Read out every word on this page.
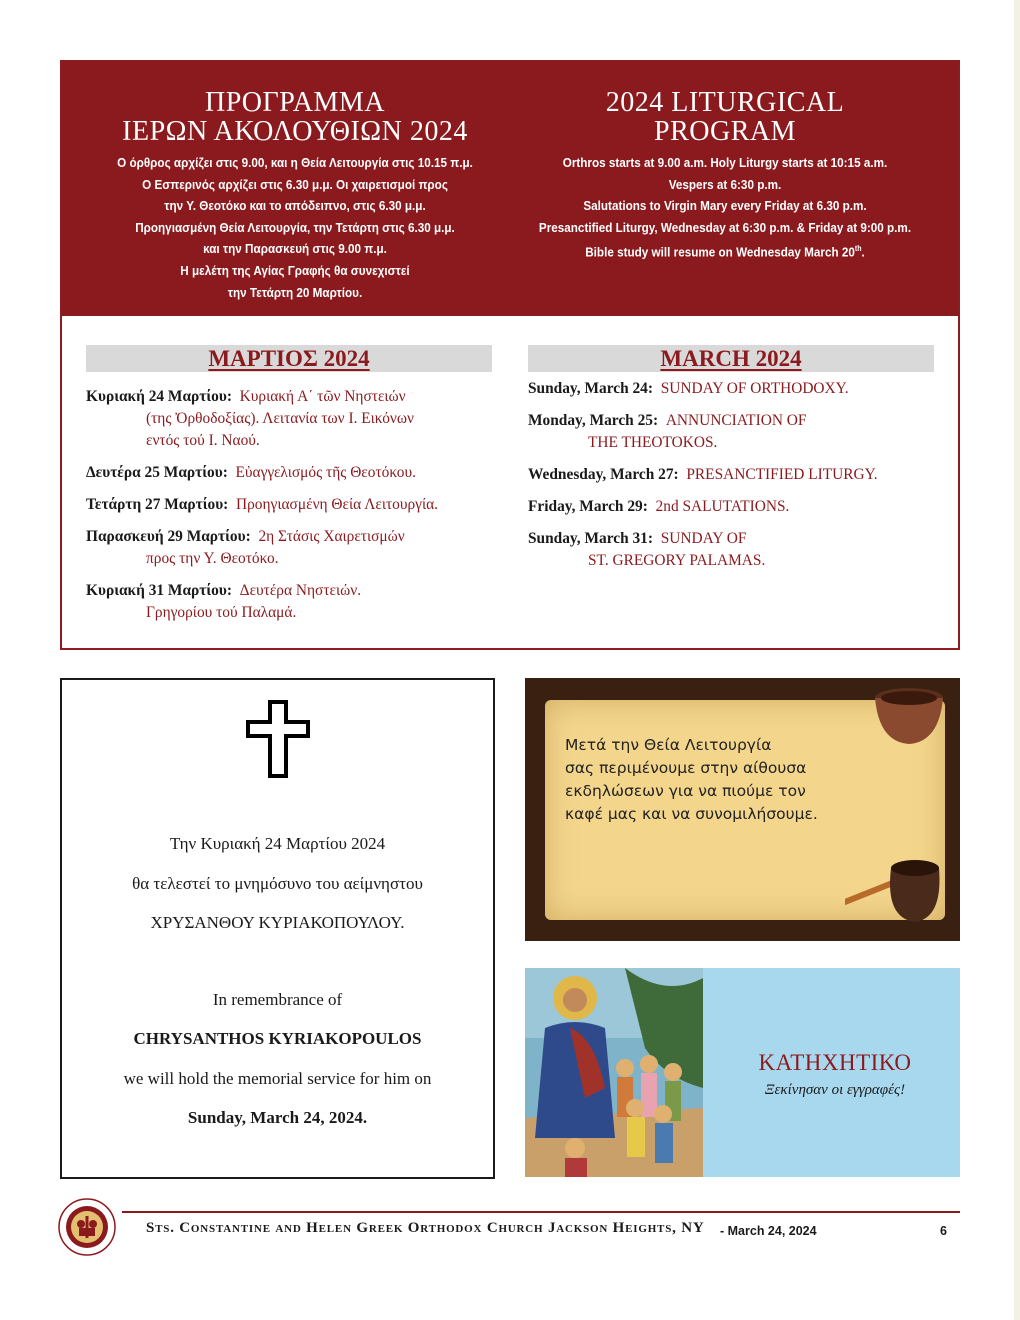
ΠΡΟΓΡΑΜΜΑ
ΙΕΡΩΝ ΑΚΟΛΟΥΘΙΩΝ 2024
Ο όρθρος αρχίζει στις 9.00, και η Θεία Λειτουργία στις 10.15 π.μ.
Ο Εσπερινός αρχίζει στις 6.30 μ.μ. Οι χαιρετισμοί προς
την Υ. Θεοτόκο και το απόδειπνο, στις 6.30 μ.μ.
Προηγιασμένη Θεία Λειτουργία, την Τετάρτη στις 6.30 μ.μ.
και την Παρασκευή στις 9.00 π.μ.
Η μελέτη της Αγίας Γραφής θα συνεχιστεί
την Τετάρτη 20 Μαρτίου.
2024 LITURGICAL
PROGRAM
Orthros starts at 9.00 a.m. Holy Liturgy starts at 10:15 a.m.
Vespers at 6:30 p.m.
Salutations to Virgin Mary every Friday at 6.30 p.m.
Presanctified Liturgy, Wednesday at 6:30 p.m. & Friday at 9:00 p.m.
Bible study will resume on Wednesday March 20th.
ΜΑΡΤΙΟΣ 2024	MARCH 2024
Κυριακή 24 Μαρτίου: Κυριακή Α΄ τῶν Νηστειών
(της Ὀρθοδοξίας). Λειτανία των Ι. Εικόνων
εντός τού Ι. Ναού.
Δευτέρα 25 Μαρτίου: Εὐαγγελισμός τῆς Θεοτόκου.
Τετάρτη 27 Μαρτίου: Προηγιασμένη Θεία Λειτουργία.
Παρασκευή 29 Μαρτίου: 2η Στάσις Χαιρετισμών
προς την Υ. Θεοτόκο.
Κυριακή 31 Μαρτίου: Δευτέρα Νηστειών.
Γρηγορίου τού Παλαμά.
Sunday, March 24: SUNDAY OF ORTHODOXY.
Monday, March 25: ANNUNCIATION OF
THE THEOTOKOS.
Wednesday, March 27: PRESANCTIFIED LITURGY.
Friday, March 29: 2nd SALUTATIONS.
Sunday, March 31: SUNDAY OF
ST. GREGORY PALAMAS.
Την Κυριακή 24 Μαρτίου 2024
θα τελεστεί το μνημόσυνο του αείμνηστου
ΧΡΥΣΑΝΘΟΥ ΚΥΡΙΑΚΟΠΟΥΛΟΥ.
In remembrance of
CHRYSANTHOS KYRIAKOPOULOS
we will hold the memorial service for him on
Sunday, March 24, 2024.
Μετά την Θεία Λειτουργία
σας περιμένουμε στην αίθουσα
εκδηλώσεων για να πιούμε τον
καφέ μας και να συνομιλήσουμε.
ΚΑΤΗΧΗΤΙΚΟ
Ξεκίνησαν οι εγγραφές!
Sts. Constantine and Helen Greek Orthodox Church Jackson Heights, NY - March 24, 2024	6
